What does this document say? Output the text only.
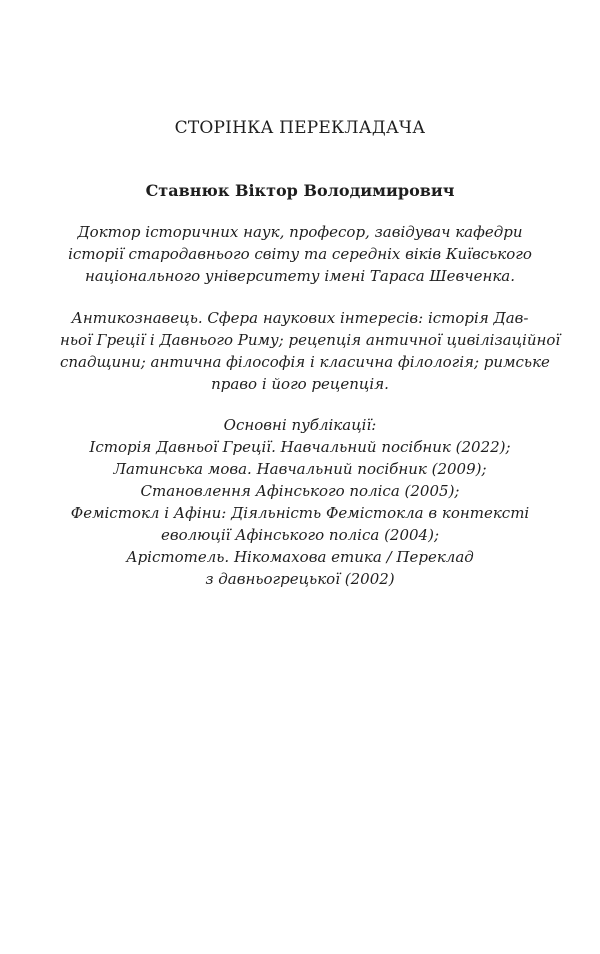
СТОРІНКА ПЕРЕКЛАДАЧА
Ставнюк Віктор Володимирович
Доктор історичних наук, професор, завідувач кафедри
історії стародавнього світу та середніх віків Київського
національного університету імені Тараса Шевченка.
Антикознавець. Сфера наукових інтересів: історія Дав-
ньої Греції і Давнього Риму; рецепція античної цивілізаційної
спадщини; антична філософія і класична філологія; римське
право і його рецепція.
Основні публікації:
Історія Давньої Греції. Навчальний посібник (2022);
Латинська мова. Навчальний посібник (2009);
Становлення Афінського поліса (2005);
Фемістокл і Афіни: Діяльність Фемістокла в контексті
еволюції Афінського поліса (2004);
Арістотель. Нікомахова етика / Переклад
з давньогрецької (2002)
